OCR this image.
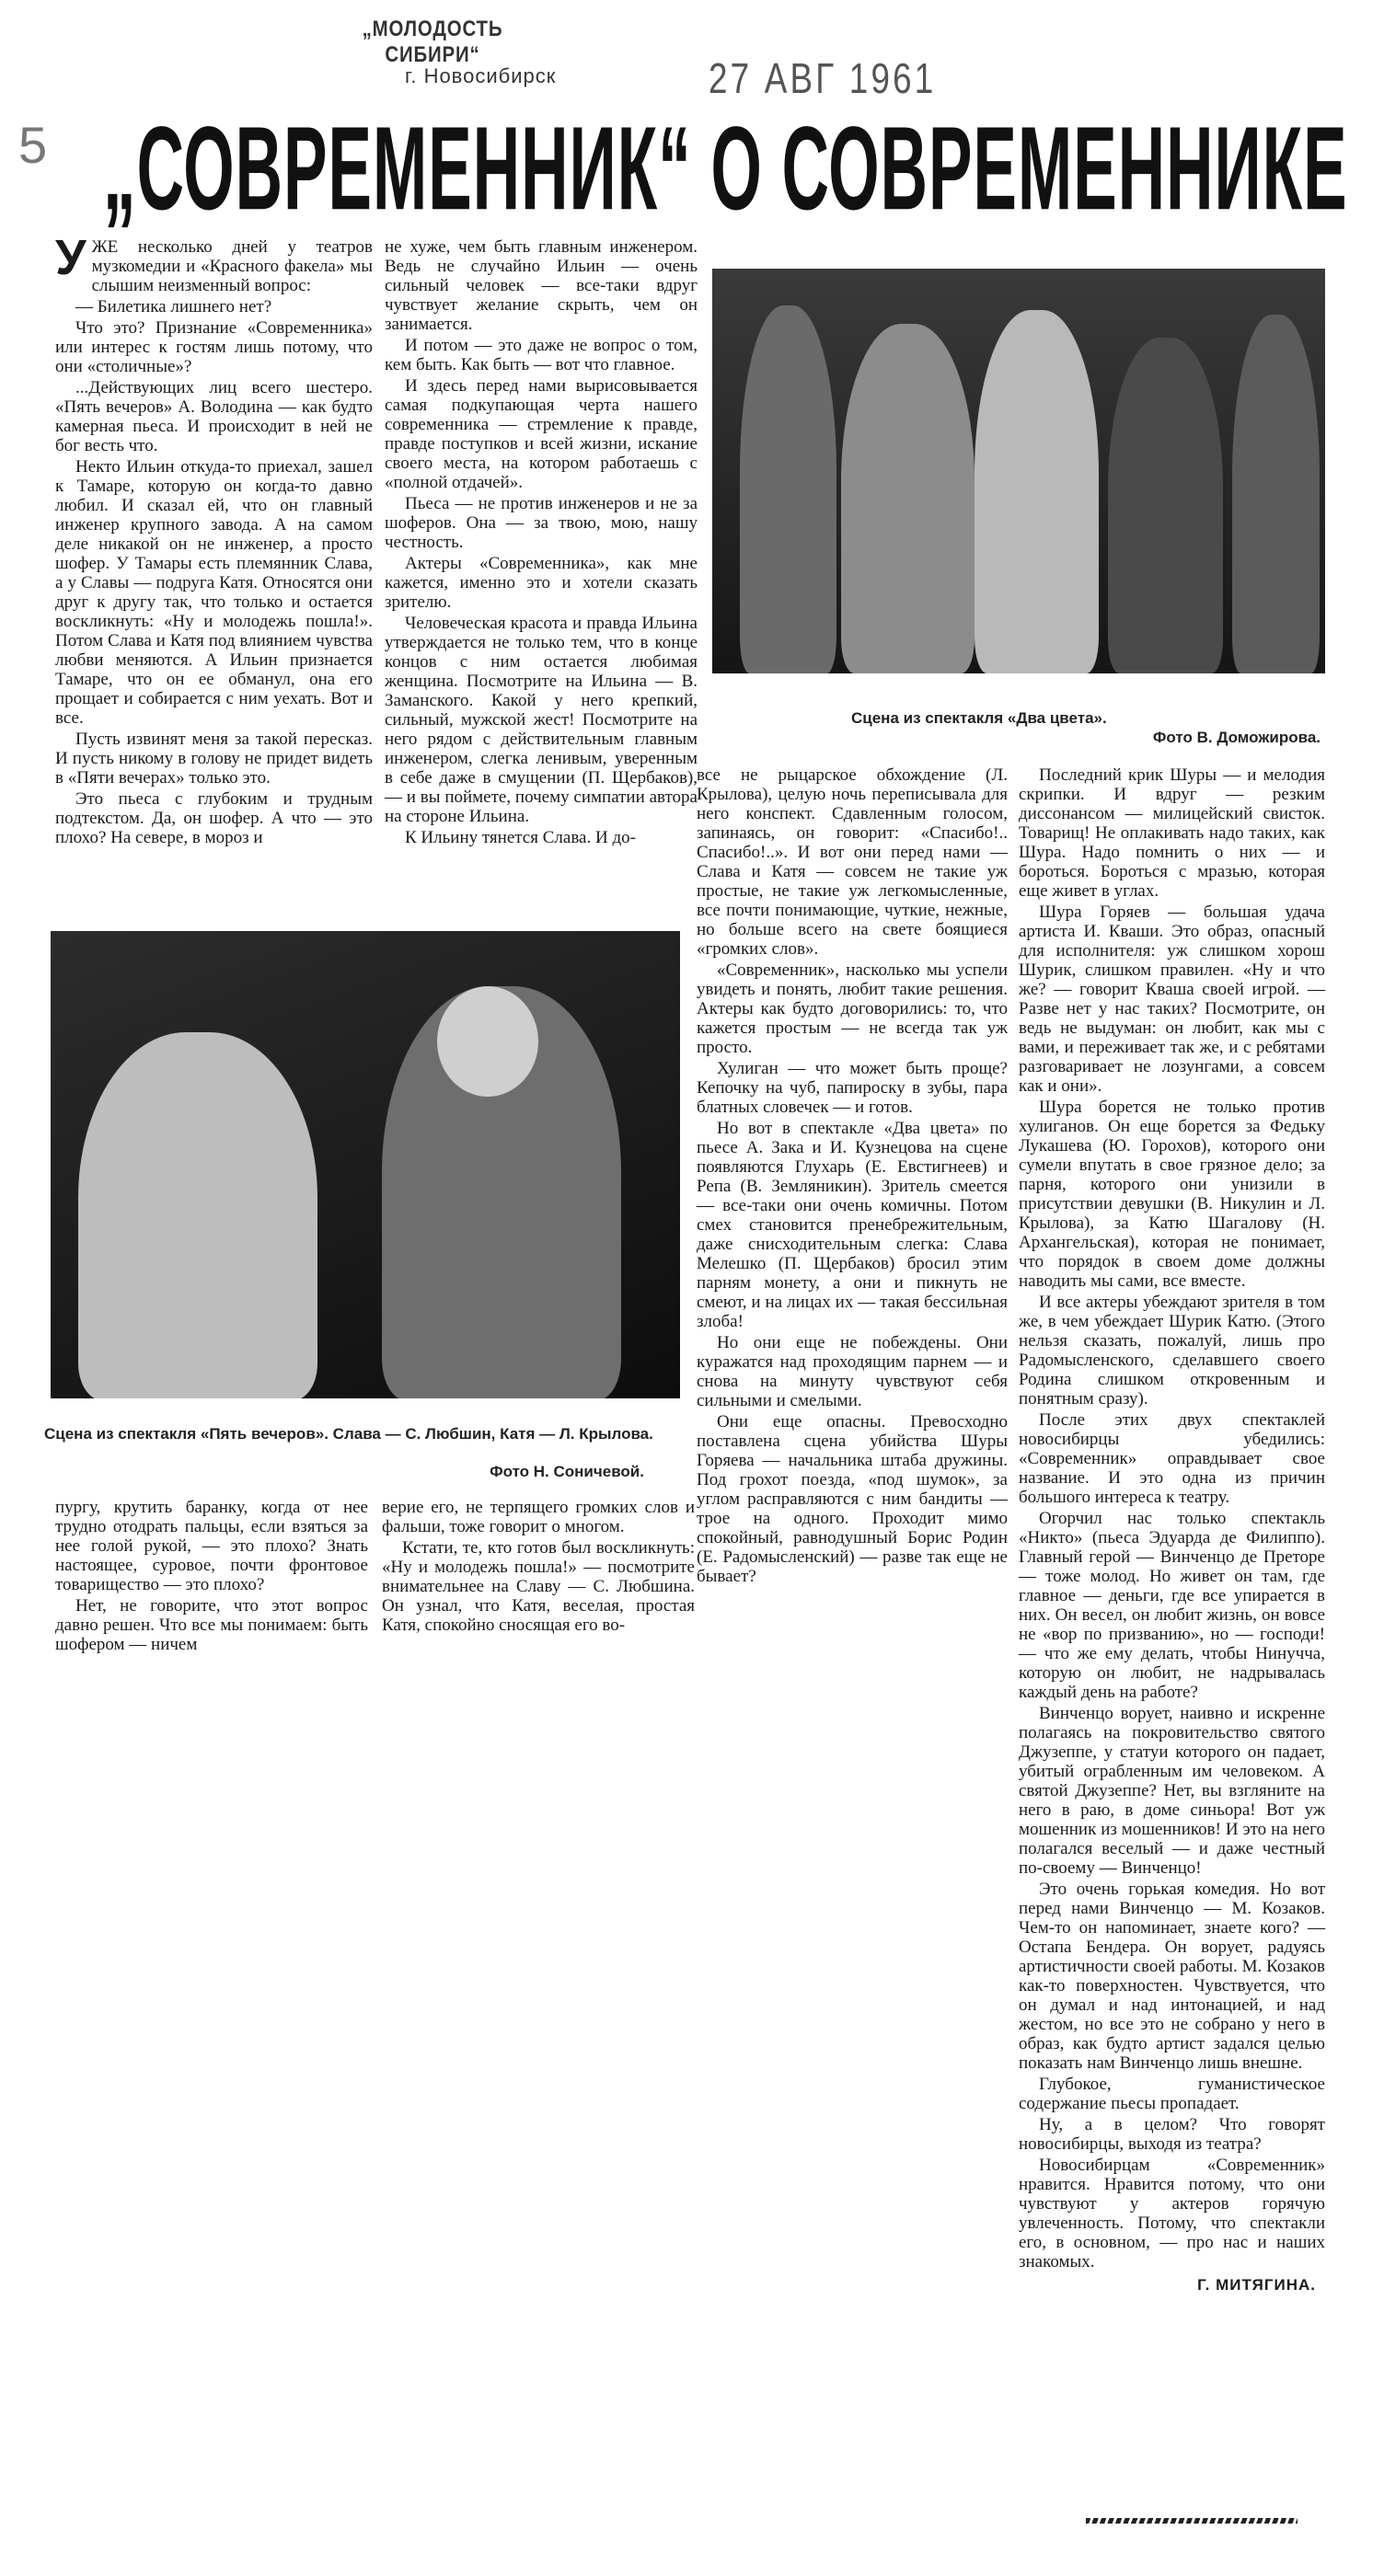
„МОЛОДОСТЬ СИБИРИ“
г. Новосибирск	27 АВГ 1961
5 „СОВРЕМЕННИК“ О СОВРЕМЕННИКЕ
У ЖЕ несколько дней у театров музкомедии и «Красного факела» мы слышим неизменный вопрос:

— Билетика лишнего нет?

Что это? Признание «Современника» или интерес к гостям лишь потому, что они «столичные»?

...Действующих лиц всего шестеро. «Пять вечеров» А. Володина — как будто камерная пьеса. И происходит в ней не бог весть что.

Некто Ильин откуда-то приехал, зашел к Тамаре, которую он когда-то давно любил. И сказал ей, что он главный инженер крупного завода. А на самом деле никакой он не инженер, а просто шофер. У Тамары есть племянник Слава, а у Славы — подруга Катя. Относятся они друг к другу так, что только и остается воскликнуть: «Ну и молодежь пошла!». Потом Слава и Катя под влиянием чувства любви меняются. А Ильин признается Тамаре, что он ее обманул, она его прощает и собирается с ним уехать. Вот и все.

Пусть извинят меня за такой пересказ. И пусть никому в голову не придет видеть в «Пяти вечерах» только это.

Это пьеса с глубоким и трудным подтекстом. Да, он шофер. А что — это плохо? На севере, в мороз и

не хуже, чем быть главным инженером. Ведь не случайно Ильин — очень сильный человек — все-таки вдруг чувствует желание скрыть, чем он занимается.

И потом — это даже не вопрос о том, кем быть. Как быть — вот что главное.

И здесь перед нами вырисовывается самая подкупающая черта нашего современника — стремление к правде, правде поступков и всей жизни, искание своего места, на котором работаешь с «полной отдачей».

Пьеса — не против инженеров и не за шоферов. Она — за твою, мою, нашу честность.

Актеры «Современника», как мне кажется, именно это и хотели сказать зрителю.

Человеческая красота и правда Ильина утверждается не только тем, что в конце концов с ним остается любимая женщина. Посмотрите на Ильина — В. Заманского. Какой у него крепкий, сильный, мужской жест! Посмотрите на него рядом с действительным главным инженером, слегка ленивым, уверенным в себе даже в смущении (П. Щербаков), — и вы поймете, почему симпатии автора на стороне Ильина.

К Ильину тянется Слава. И до-

Сцена из спектакля «Два цвета».
Фото В. Доможирова.
Сцена из спектакля «Пять вечеров». Слава — С. Любшин, Катя — Л. Крылова.
Фото Н. Соничевой.

пургу, крутить баранку, когда от нее трудно отодрать пальцы, если взяться за нее голой рукой, — это плохо? Знать настоящее, суровое, почти фронтовое товарищество — это плохо?

Нет, не говорите, что этот вопрос давно решен. Что все мы понимаем: быть шофером — ничем

верие его, не терпящего громких слов и фальши, тоже говорит о многом.

Кстати, те, кто готов был воскликнуть: «Ну и молодежь пошла!» — посмотрите внимательнее на Славу — С. Любшина. Он узнал, что Катя, веселая, простая Катя, спокойно сносящая его во-

все не рыцарское обхождение (Л. Крылова), целую ночь переписывала для него конспект. Сдавленным голосом, запинаясь, он говорит: «Спасибо!.. Спасибо!..». И вот они перед нами — Слава и Катя — совсем не такие уж простые, не такие уж легкомысленные, все почти понимающие, чуткие, нежные, но больше всего на свете боящиеся «громких слов».

«Современник», насколько мы успели увидеть и понять, любит такие решения. Актеры как будто договорились: то, что кажется простым — не всегда так уж просто.

Хулиган — что может быть проще? Кепочку на чуб, папироску в зубы, пара блатных словечек — и готов.

Но вот в спектакле «Два цвета» по пьесе А. Зака и И. Кузнецова на сцене появляются Глухарь (Е. Евстигнеев) и Репа (В. Земляникин). Зритель смеется — все-таки они очень комичны. Потом смех становится пренебрежительным, даже снисходительным слегка: Слава Мелешко (П. Щербаков) бросил этим парням монету, а они и пикнуть не смеют, и на лицах их — такая бессильная злоба!

Но они еще не побеждены. Они куражатся над проходящим парнем — и снова на минуту чувствуют себя сильными и смелыми.

Они еще опасны. Превосходно поставлена сцена убийства Шуры Горяева — начальника штаба дружины. Под грохот поезда, «под шумок», за углом расправляются с ним бандиты — трое на одного. Проходит мимо спокойный, равнодушный Борис Родин (Е. Радомысленский) — разве так еще не бывает?

Последний крик Шуры — и мелодия скрипки. И вдруг — резким диссонансом — милицейский свисток. Товарищ! Не оплакивать надо таких, как Шура. Надо помнить о них — и бороться. Бороться с мразью, которая еще живет в углах.

Шура Горяев — большая удача артиста И. Кваши. Это образ, опасный для исполнителя: уж слишком хорош Шурик, слишком правилен. «Ну и что же? — говорит Кваша своей игрой. — Разве нет у нас таких? Посмотрите, он ведь не выдуман: он любит, как мы с вами, и переживает так же, и с ребятами разговаривает не лозунгами, а совсем как и они».

Шура борется не только против хулиганов. Он еще борется за Федьку Лукашева (Ю. Горохов), которого они сумели впутать в свое грязное дело; за парня, которого они унизили в присутствии девушки (В. Никулин и Л. Крылова), за Катю Шагалову (Н. Архангельская), которая не понимает, что порядок в своем доме должны наводить мы сами, все вместе.

И все актеры убеждают зрителя в том же, в чем убеждает Шурик Катю. (Этого нельзя сказать, пожалуй, лишь про Радомысленского, сделавшего своего Родина слишком откровенным и понятным сразу).

После этих двух спектаклей новосибирцы убедились: «Современник» оправдывает свое название. И это одна из причин большого интереса к театру.

Огорчил нас только спектакль «Никто» (пьеса Эдуарда де Филиппо). Главный герой — Винченцо де Преторе — тоже молод. Но живет он там, где главное — деньги, где все упирается в них. Он весел, он любит жизнь, он вовсе не «вор по призванию», но — господи! — что же ему делать, чтобы Нинучча, которую он любит, не надрывалась каждый день на работе?

Винченцо ворует, наивно и искренне полагаясь на покровительство святого Джузеппе, у статуи которого он падает, убитый ограбленным им человеком. А святой Джузеппе? Нет, вы взгляните на него в раю, в доме синьора! Вот уж мошенник из мошенников! И это на него полагался веселый — и даже честный по-своему — Винченцо!

Это очень горькая комедия. Но вот перед нами Винченцо — М. Козаков. Чем-то он напоминает, знаете кого? — Остапа Бендера. Он ворует, радуясь артистичности своей работы. М. Козаков как-то поверхностен. Чувствуется, что он думал и над интонацией, и над жестом, но все это не собрано у него в образ, как будто артист задался целью показать нам Винченцо лишь внешне.

Глубокое, гуманистическое содержание пьесы пропадает.

Ну, а в целом? Что говорят новосибирцы, выходя из театра?

Новосибирцам «Современник» нравится. Нравится потому, что они чувствуют у актеров горячую увлеченность. Потому, что спектакли его, в основном, — про нас и наших знакомых.

Г. МИТЯГИНА.
